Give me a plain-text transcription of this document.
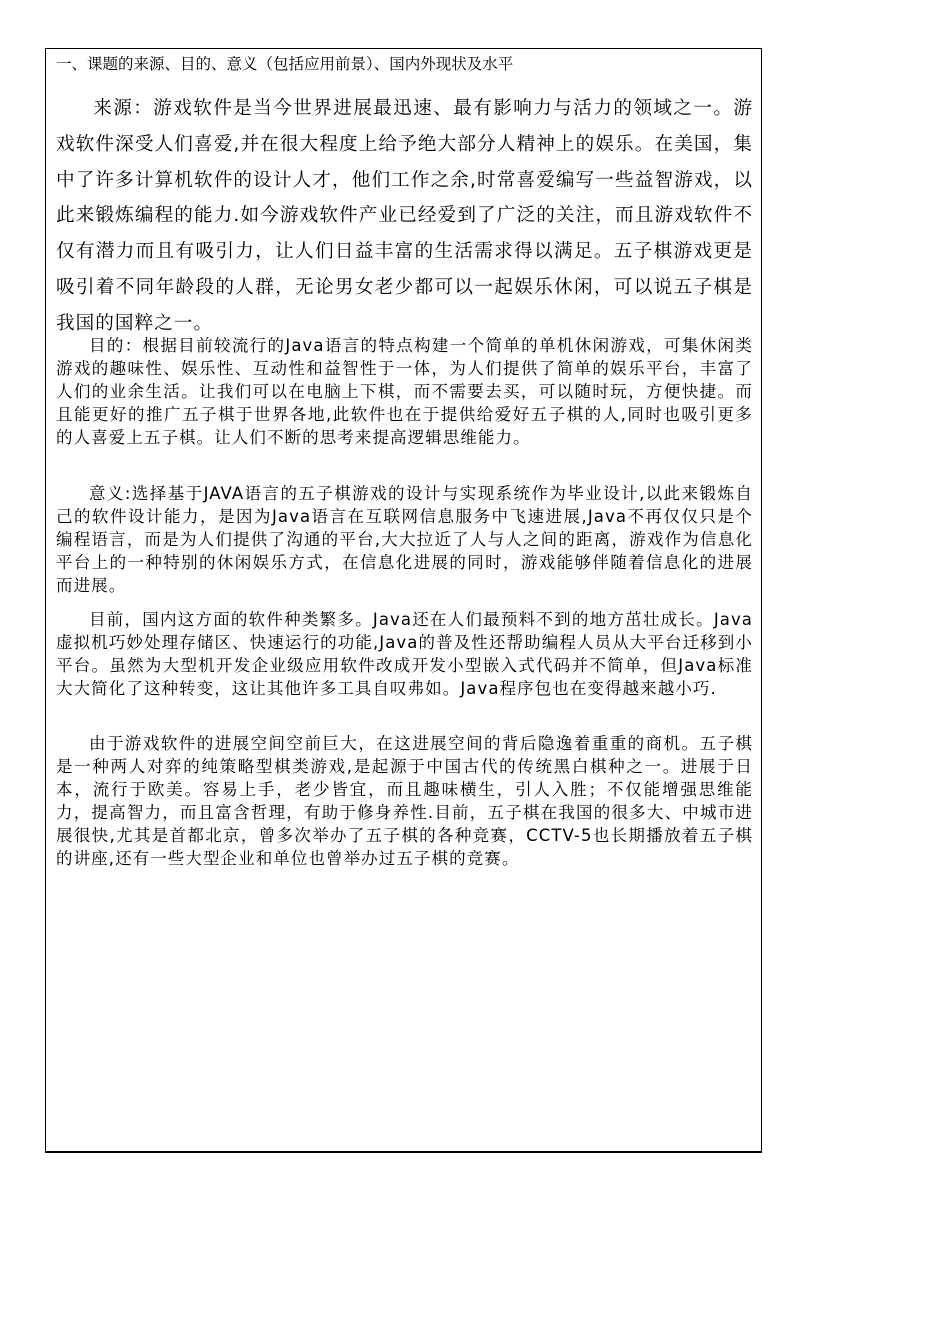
一、课题的来源、目的、意义（包括应用前景）、国内外现状及水平

来源：游戏软件是当今世界进展最迅速、最有影响力与活力的领域之一。游戏软件深受人们喜爱,并在很大程度上给予绝大部分人精神上的娱乐。在美国，集中了许多计算机软件的设计人才，他们工作之余,时常喜爱编写一些益智游戏，以此来锻炼编程的能力.如今游戏软件产业已经爱到了广泛的关注，而且游戏软件不仅有潜力而且有吸引力，让人们日益丰富的生活需求得以满足。五子棋游戏更是吸引着不同年龄段的人群，无论男女老少都可以一起娱乐休闲，可以说五子棋是我国的国粹之一。

目的：根据目前较流行的Java语言的特点构建一个简单的单机休闲游戏，可集休闲类游戏的趣味性、娱乐性、互动性和益智性于一体，为人们提供了简单的娱乐平台，丰富了人们的业余生活。让我们可以在电脑上下棋，而不需要去买，可以随时玩，方便快捷。而且能更好的推广五子棋于世界各地,此软件也在于提供给爱好五子棋的人,同时也吸引更多的人喜爱上五子棋。让人们不断的思考来提高逻辑思维能力。

意义:选择基于JAVA语言的五子棋游戏的设计与实现系统作为毕业设计,以此来锻炼自己的软件设计能力，是因为Java语言在互联网信息服务中飞速进展,Java不再仅仅只是个编程语言，而是为人们提供了沟通的平台,大大拉近了人与人之间的距离，游戏作为信息化平台上的一种特别的休闲娱乐方式，在信息化进展的同时，游戏能够伴随着信息化的进展而进展。

目前，国内这方面的软件种类繁多。Java还在人们最预料不到的地方茁壮成长。Java虚拟机巧妙处理存储区、快速运行的功能,Java的普及性还帮助编程人员从大平台迁移到小平台。虽然为大型机开发企业级应用软件改成开发小型嵌入式代码并不简单，但Java标准大大简化了这种转变，这让其他许多工具自叹弗如。Java程序包也在变得越来越小巧.

由于游戏软件的进展空间空前巨大，在这进展空间的背后隐逸着重重的商机。五子棋是一种两人对弈的纯策略型棋类游戏,是起源于中国古代的传统黑白棋种之一。进展于日本，流行于欧美。容易上手，老少皆宜，而且趣味横生，引人入胜；不仅能增强思维能力，提高智力，而且富含哲理，有助于修身养性.目前，五子棋在我国的很多大、中城市进展很快,尤其是首都北京，曾多次举办了五子棋的各种竞赛，CCTV-5也长期播放着五子棋的讲座,还有一些大型企业和单位也曾举办过五子棋的竞赛。
